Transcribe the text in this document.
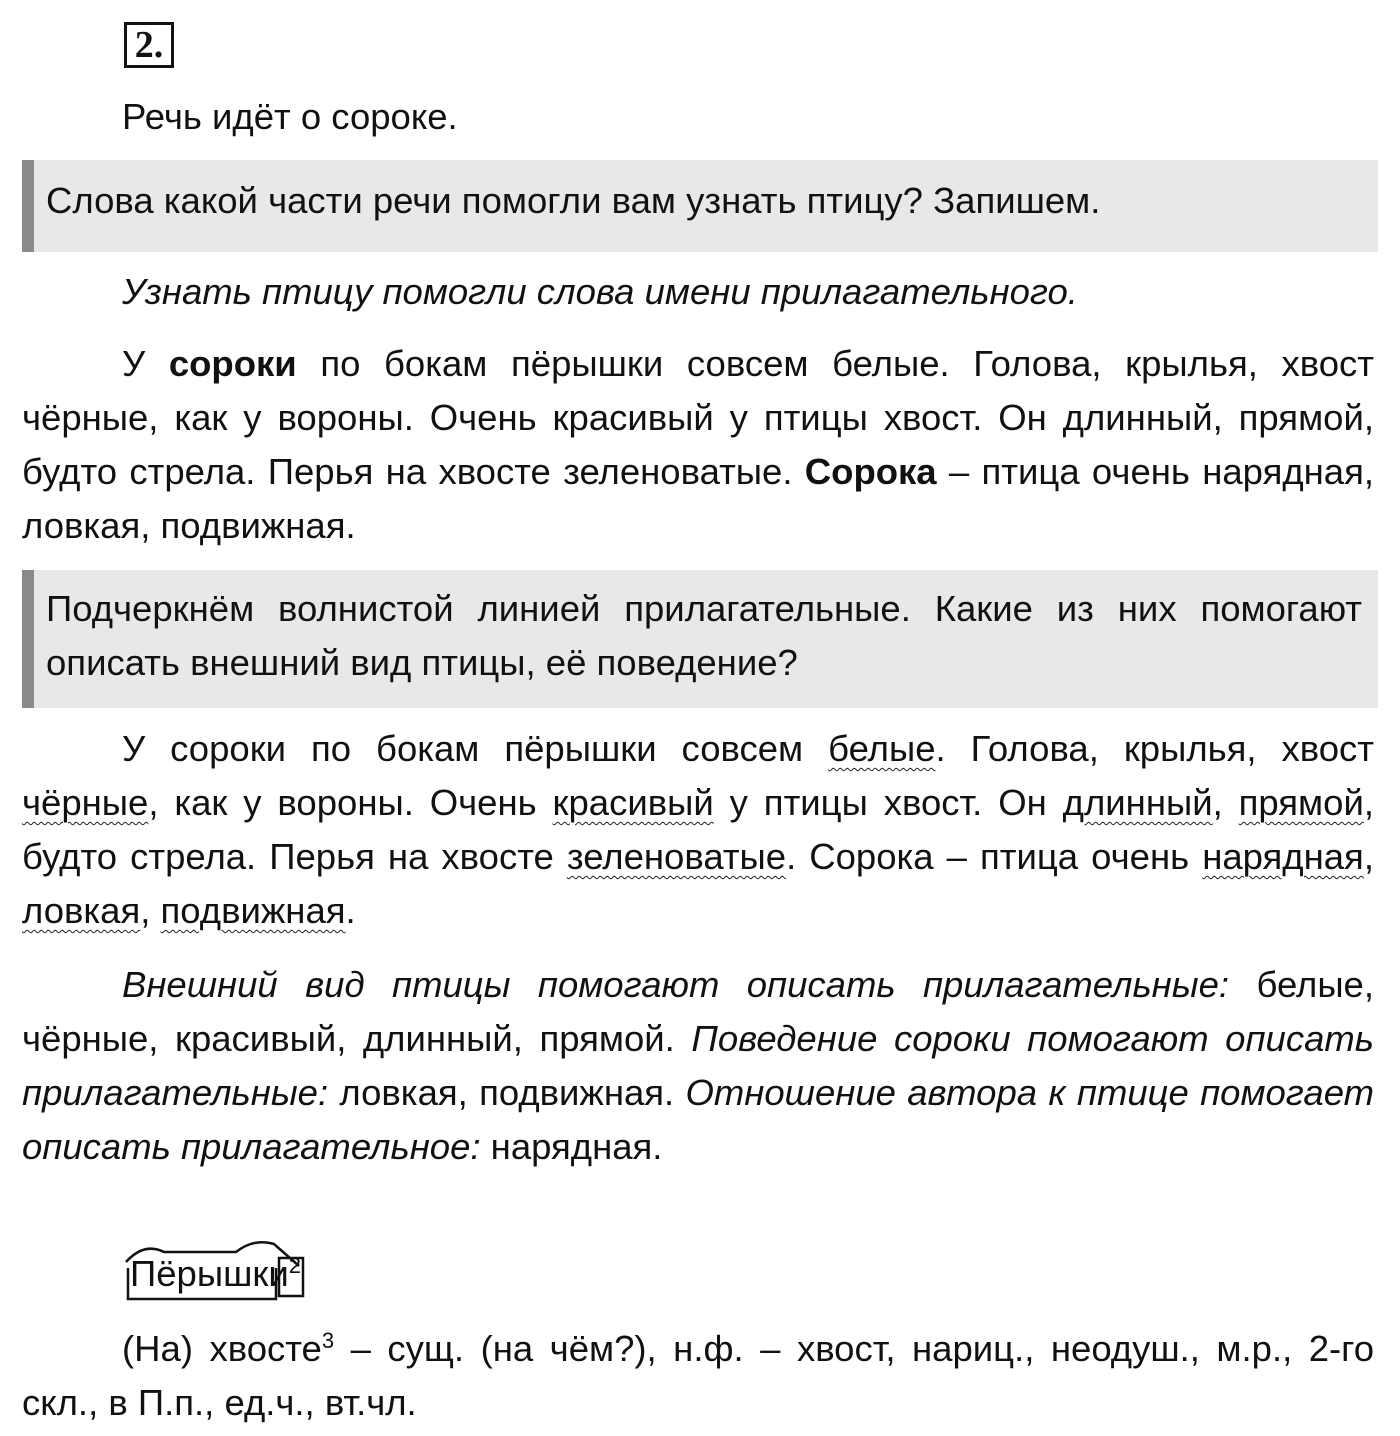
2.

Речь идёт о сороке.

Слова какой части речи помогли вам узнать птицу? Запишем.

Узнать птицу помогли слова имени прилагательного.

У сороки по бокам пёрышки совсем белые. Голова, крылья, хвост чёрные, как у вороны. Очень красивый у птицы хвост. Он длинный, прямой, будто стрела. Перья на хвосте зеленоватые. Сорока – птица очень нарядная, ловкая, подвижная.

Подчеркнём волнистой линией прилагательные. Какие из них помогают описать внешний вид птицы, её поведение?

У сороки по бокам пёрышки совсем белые. Голова, крылья, хвост чёрные, как у вороны. Очень красивый у птицы хвост. Он длинный, прямой, будто стрела. Перья на хвосте зеленоватые. Сорока – птица очень нарядная, ловкая, подвижная.

Внешний вид птицы помогают описать прилагательные: белые, чёрные, красивый, длинный, прямой. Поведение сороки помогают описать прилагательные: ловкая, подвижная. Отношение автора к птице помогает описать прилагательное: нарядная.

Пёрышки$^2$

(На) хвосте$^3$ – сущ. (на чём?), н.ф. – хвост, нариц., неодуш., м.р., 2-го скл., в П.п., ед.ч., вт.чл.
